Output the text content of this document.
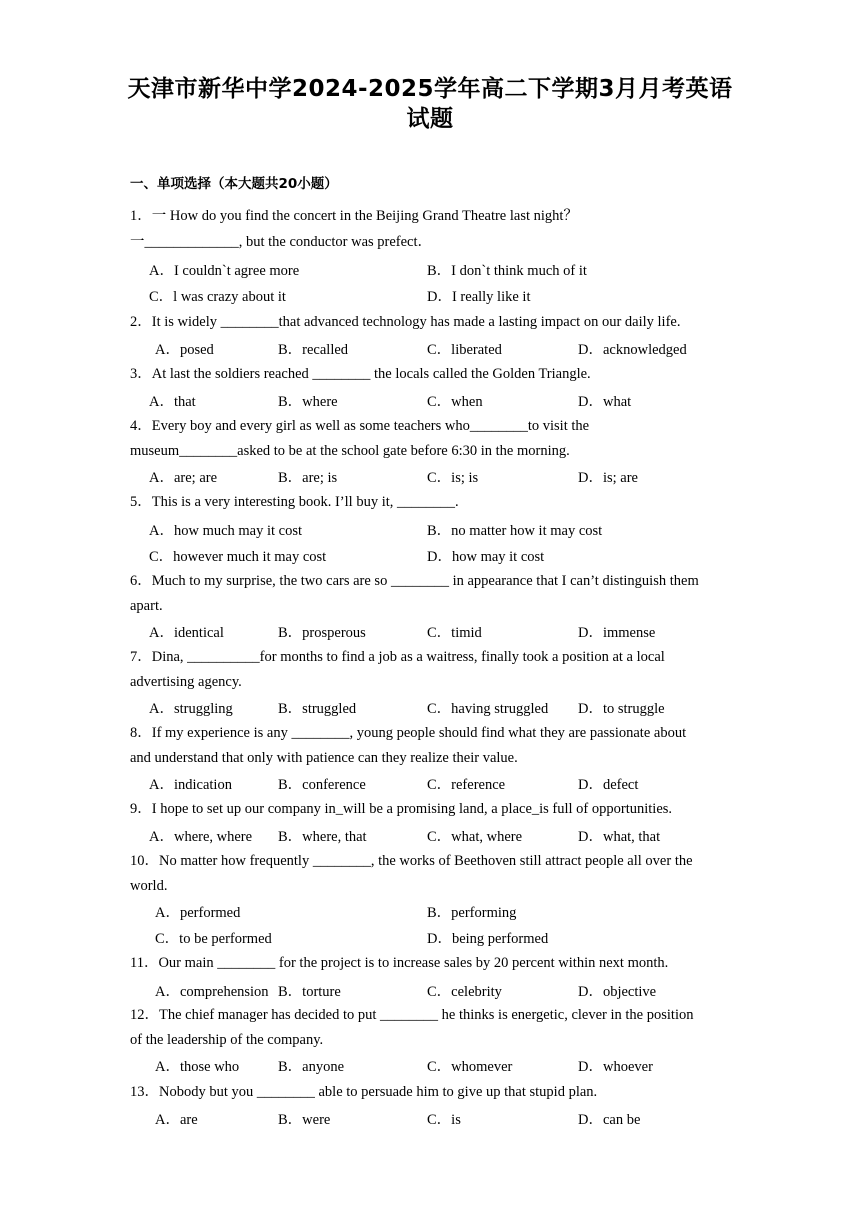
天津市新华中学2024-2025学年高二下学期3月月考英语
试题
一、单项选择（本大题共20小题）
1．一 How do you find the concert in the Beijing Grand Theatre last night？
一_____________, but the conductor was prefect．
A．I couldn`t agree more	B．I don`t think much of it
C．l was crazy about it	D．I really like it
2．It is widely ________that advanced technology has made a lasting impact on our daily life.
A．posed	B．recalled	C．liberated	D．acknowledged
3．At last the soldiers reached ________ the locals called the Golden Triangle.
A．that	B．where	C．when	D．what
4．Every boy and every girl as well as some teachers who________to visit the
museum________asked to be at the school gate before 6:30 in the morning.
A．are; are	B．are; is	C．is; is	D．is; are
5．This is a very interesting book. I’ll buy it, ________.
A．how much may it cost	B．no matter how it may cost
C．however much it may cost	D．how may it cost
6．Much to my surprise, the two cars are so ________ in appearance that I can’t distinguish them
apart.
A．identical	B．prosperous	C．timid	D．immense
7．Dina, __________for months to find a job as a waitress, finally took a position at a local
advertising agency.
A．struggling	B．struggled	C．having struggled D．to struggle
8．If my experience is any ________, young people should find what they are passionate about
and understand that only with patience can they realize their value.
A．indication	B．conference	C．reference	D．defect
9．I hope to set up our company in_will be a promising land, a place_is full of opportunities.
A．where, where B．where, that	C．what, where	D．what, that
10．No matter how frequently ________, the works of Beethoven still attract people all over the
world.
A．performed	B．performing
C．to be performed	D．being performed
11．Our main ________ for the project is to increase sales by 20 percent within next month.
A．comprehension B．torture	C．celebrity	D．objective
12．The chief manager has decided to put ________ he thinks is energetic, clever in the position
of the leadership of the company.
A．those who	B．anyone	C．whomever	D．whoever
13．Nobody but you ________ able to persuade him to give up that stupid plan.
A．are	B．were	C．is	D．can be
